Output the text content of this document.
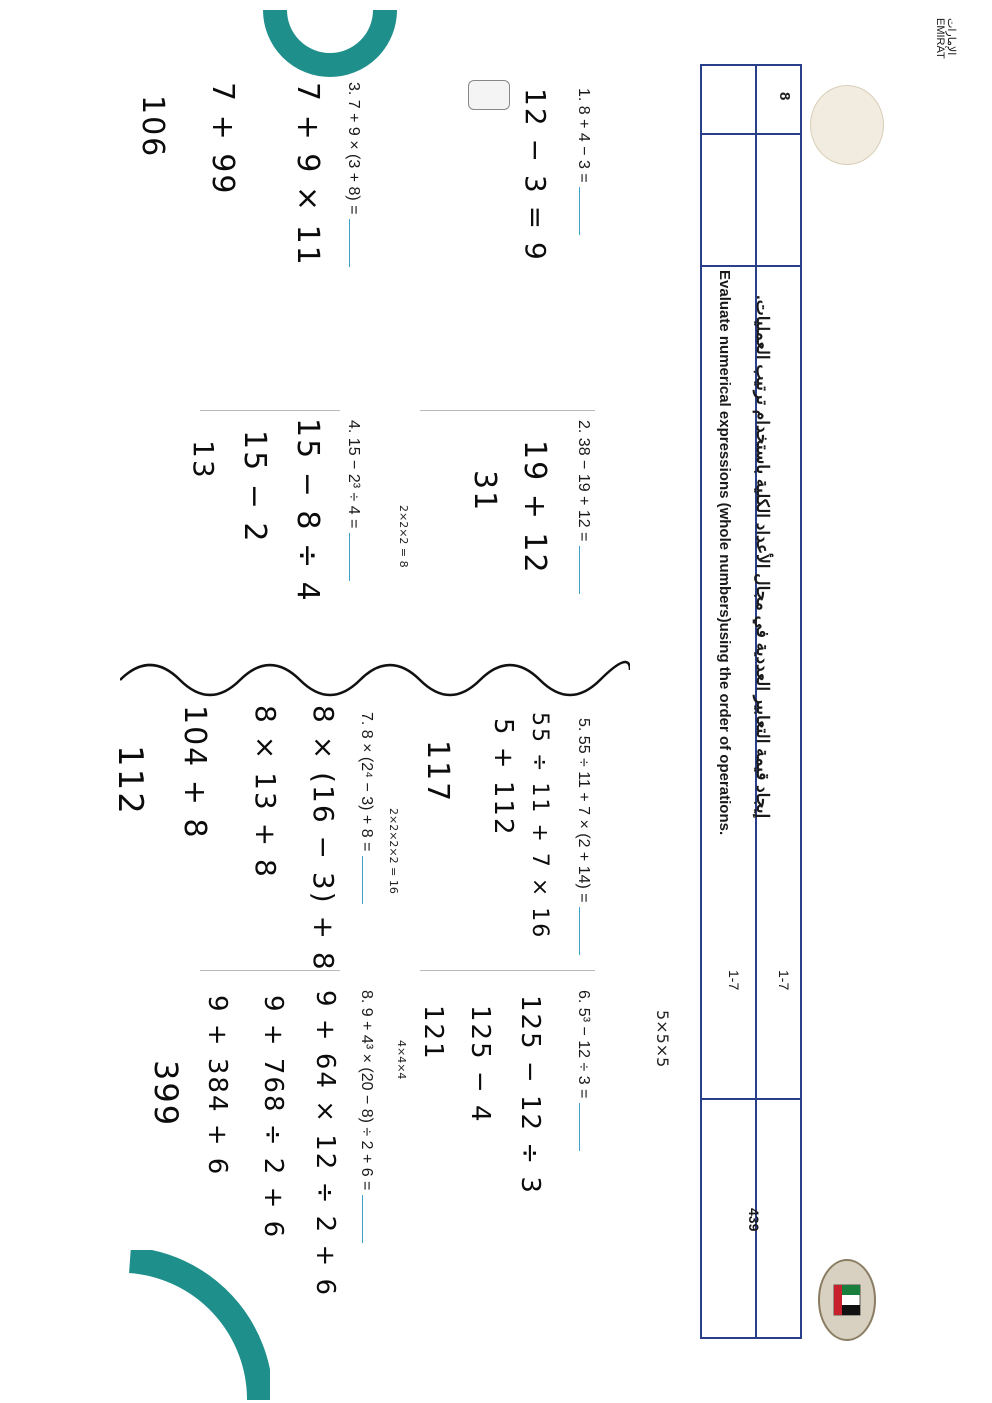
الإمارات
EMIRAT
8
1-7
1-7
439
إيجاد قيمة التعابير العددية في مجال الأعداد الكلية باستخدام ترتيب العمليات.
Evaluate numerical expressions (whole numbers)using the order of operations.
1. 8 + 4 − 3 =
12 − 3 = 9
2. 38 − 19 + 12 =
19 + 12
31
5. 55 ÷ 11 + 7 × (2 + 14) =
55 ÷ 11 + 7 × 16
5 + 112
117
6. 5³ − 12 ÷ 3 =	5×5×5
125 − 12 ÷ 3
125 − 4
121
3. 7 + 9 × (3 + 8) =
7 + 9 × 11
7 + 99
106
4. 15 − 2³ ÷ 4 =
2×2×2 = 8
15 − 8 ÷ 4
15 − 2
13
7. 8 × (2⁴ − 3) + 8 = 2×2×2×2 = 16
8 × (16 − 3) + 8
8 × 13 + 8
104 + 8
112
8. 9 + 4³ × (20 − 8) ÷ 2 + 6 = 4×4×4
9 + 64 × 12 ÷ 2 + 6
9 + 768 ÷ 2 + 6
9 + 384 + 6
399
